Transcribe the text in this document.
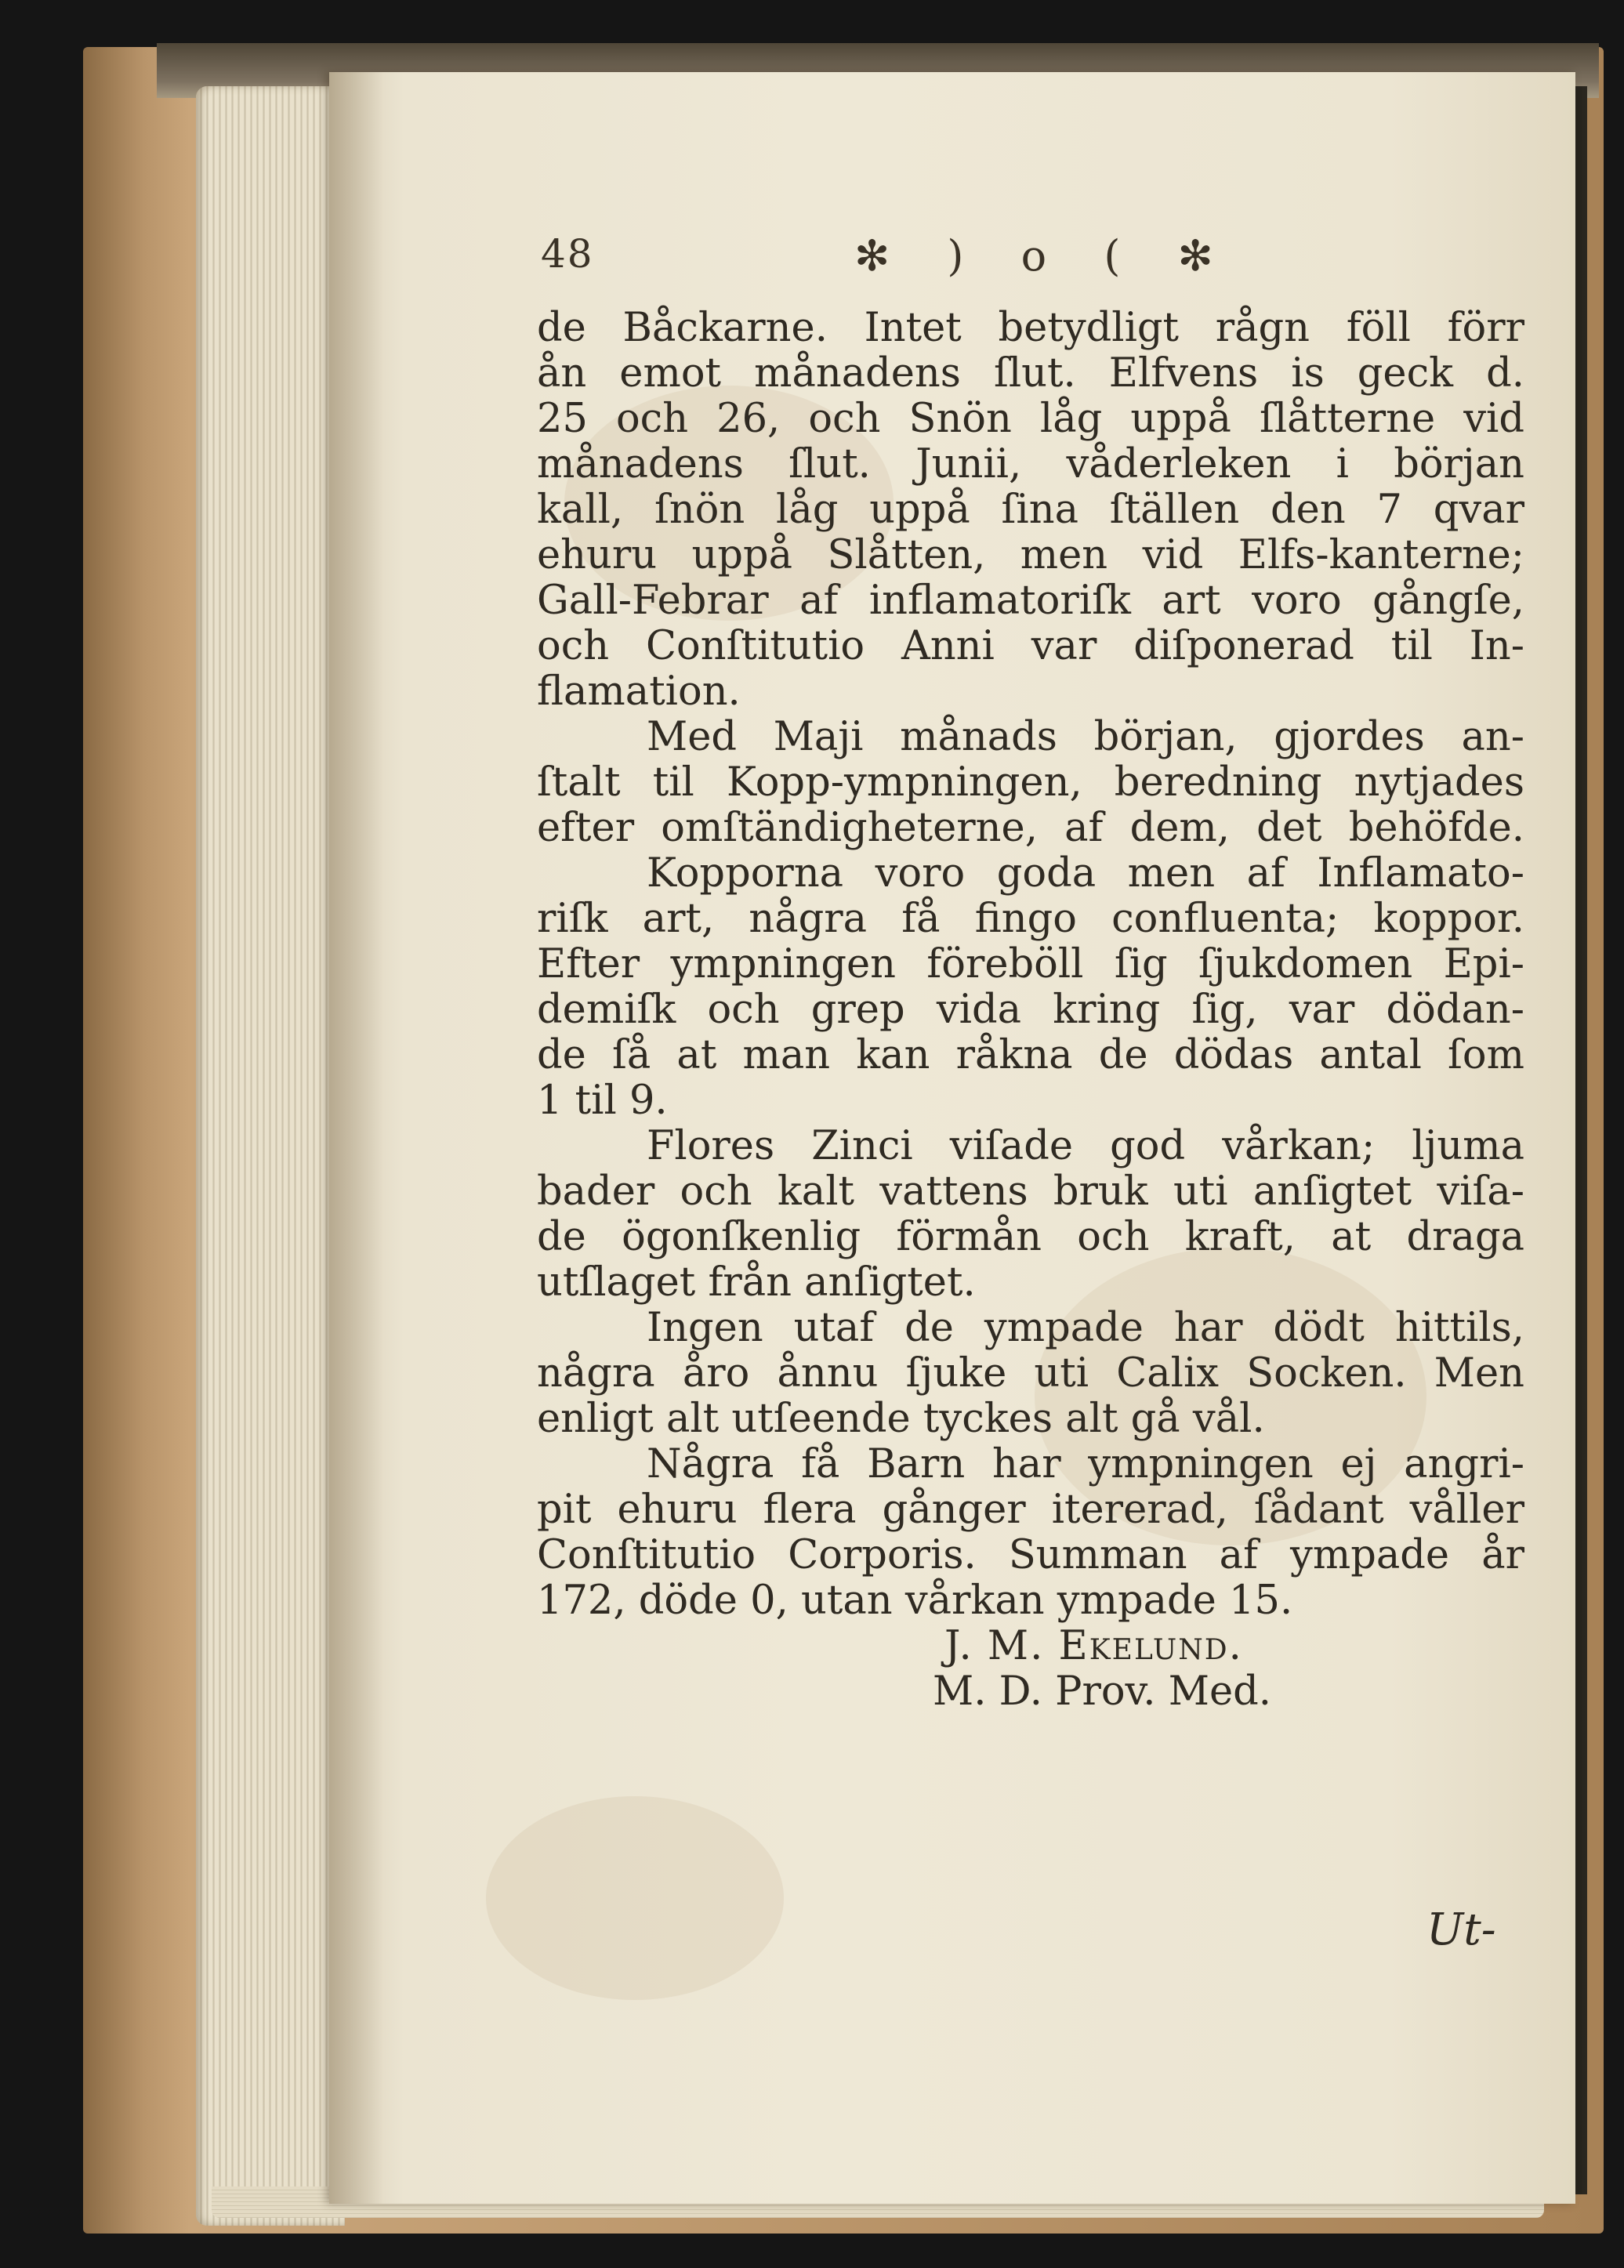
48	✻ ) o ( ✻
de Båckarne. Intet betydligt rågn föll förr
ån emot månadens ſlut. Elfvens is geck d.
25 och 26, och Snön låg uppå ſlåtterne vid
månadens ſlut. Junii, våderleken i början
kall, ſnön låg uppå ſina ſtällen den 7 qvar
ehuru uppå Slåtten, men vid Elfs-kanterne;
Gall-Febrar af inflamatoriſk art voro gångſe,
och Conſtitutio Anni var diſponerad til In-
flamation.
Med Maji månads början, gjordes an-
ſtalt til Kopp-ympningen, beredning nytjades
efter omſtändigheterne, af dem, det behöfde.
Kopporna voro goda men af Inflamato-
riſk art, några få fingo confluenta; koppor.
Efter ympningen föreböll ſig ſjukdomen Epi-
demiſk och grep vida kring ſig, var dödan-
de ſå at man kan råkna de dödas antal ſom
1 til 9.
Flores Zinci viſade god vårkan; ljuma
bader och kalt vattens bruk uti anſigtet viſa-
de ögonſkenlig förmån och kraft, at draga
utſlaget från anſigtet.
Ingen utaf de ympade har dödt hittils,
några åro ånnu ſjuke uti Calix Socken. Men
enligt alt utſeende tyckes alt gå vål.
Några få Barn har ympningen ej angri-
pit ehuru flera gånger itererad, ſådant våller
Conſtitutio Corporis. Summan af ympade år
172, döde 0, utan vårkan ympade 15.
J. M. Ekelund.
M. D. Prov. Med.
Ut-
